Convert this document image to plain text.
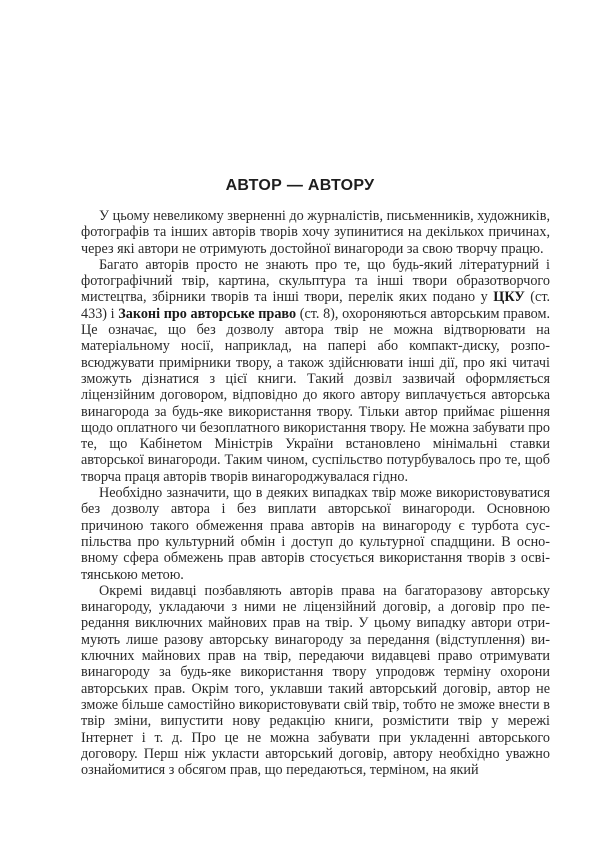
АВТОР — АВТОРУ

У цьому невеликому зверненні до журналістів, письменників, художників, фотографів та інших авторів творів хочу зупинитися на декількох причинах, через які автори не отримують достойної винагороди за свою творчу працю.

Багато авторів просто не знають про те, що будь-який літературний і фотографічний твір, картина, скульптура та інші твори образотворчого мистецтва, збірники творів та інші твори, перелік яких подано у ЦКУ (ст. 433) і Законі про авторське право (ст. 8), охороняються авторським правом. Це означає, що без дозволу автора твір не можна відтворювати на матеріальному носії, наприклад, на папері або компакт-диску, розповсюджувати примірники твору, а також здійснювати інші дії, про які читачі зможуть дізнатися з цієї книги. Такий дозвіл зазвичай оформляється ліцензійним договором, відповідно до якого автору виплачується авторська винагорода за будь-яке використання твору. Тільки автор приймає рішення щодо оплатного чи безоплатного використання твору. Не можна забувати про те, що Кабінетом Міністрів України встановлено мінімальні ставки авторської винагороди. Таким чином, суспільство потурбувалось про те, щоб творча праця авторів творів винагороджувалася гідно.

Необхідно зазначити, що в деяких випадках твір може використовуватися без дозволу автора і без виплати авторської винагороди. Основною причиною такого обмеження права авторів на винагороду є турбота суспільства про культурний обмін і доступ до культурної спадщини. В основному сфера обмежень прав авторів стосується використання творів з освiтянською метою.

Окремі видавці позбавляють авторів права на багаторазову авторську винагороду, укладаючи з ними не ліцензійний договір, а договір про передання виключних майнових прав на твір. У цьому випадку автори отримують лише разову авторську винагороду за передання (відступлення) виключних майнових прав на твір, передаючи видавцеві право отримувати винагороду за будь-яке використання твору упродовж терміну охорони авторських прав. Окрім того, уклавши такий авторський договір, автор не зможе більше самостійно використовувати свій твір, тобто не зможе внести в твір зміни, випустити нову редакцію книги, розмістити твір у мережі Інтернет і т. д. Про це не можна забувати при укладенні авторського договору. Перш ніж укласти авторський договір, автору необхідно уважно ознайомитися з обсягом прав, що передаються, терміном, на який
